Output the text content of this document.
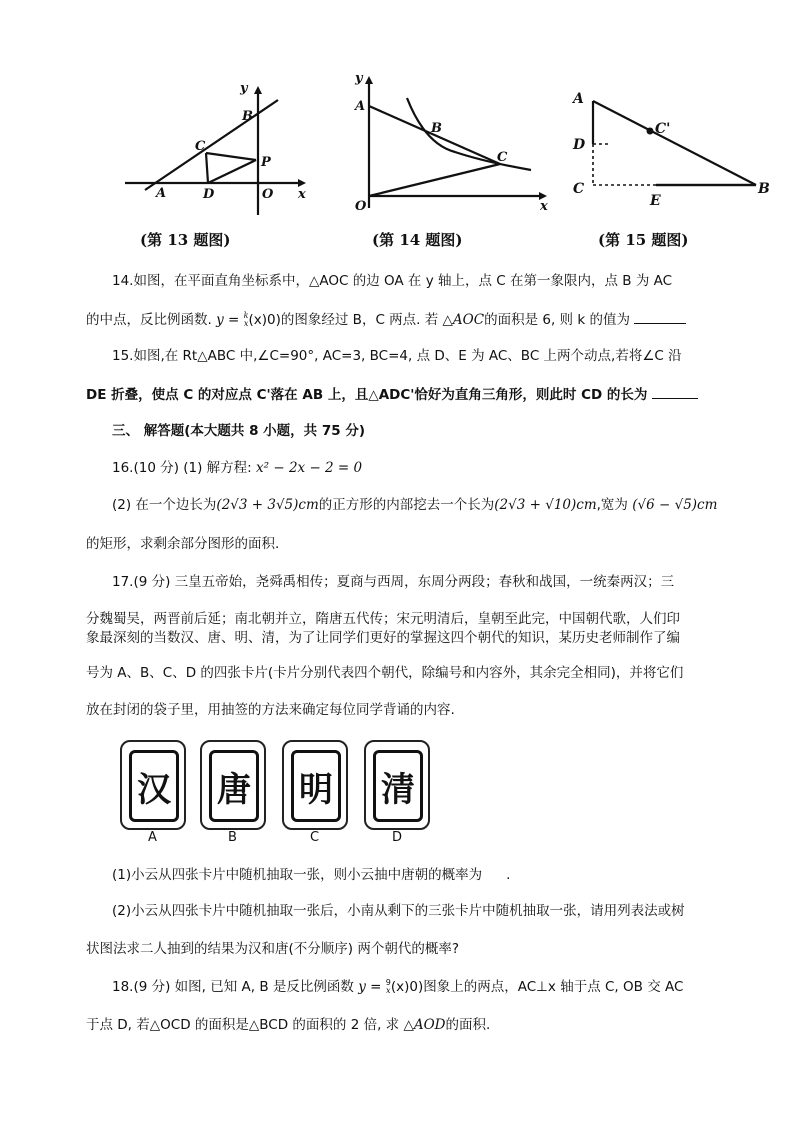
y
B
C
P
A	D	O x
(第 13 题图)
y
A
B
C
O	x
(第 14 题图)
A
C'
D
C
E
B
(第 15 题图)
14.如图，在平面直角坐标系中，△AOC 的边 OA 在 y 轴上，点 C 在第一象限内，点 B 为 AC
的中点，反比例函数. y = k
x (x)0)的图象经过 B，C 两点. 若 △AOC的面积是 6, 则 k 的值为
15.如图,在 Rt△ABC 中,∠C=90°, AC=3, BC=4, 点 D、E 为 AC、BC 上两个动点,若将∠C 沿
DE 折叠，使点 C 的对应点 C'落在 AB 上，且△ADC'恰好为直角三角形，则此时 CD 的长为
三、 解答题(本大题共 8 小题，共 75 分)
16.(10 分) (1) 解方程: x² − 2x − 2 = 0
(2) 在一个边长为(2√3 + 3√5)cm的正方形的内部挖去一个长为(2√3 + √10)cm,宽为 (√6 − √5)cm
的矩形，求剩余部分图形的面积.
17.(9 分) 三皇五帝始，尧舜禹相传；夏商与西周，东周分两段；春秋和战国，一统秦两汉；三
分魏蜀吴，两晋前后延；南北朝并立，隋唐五代传；宋元明清后，皇朝至此完，中国朝代歌，人们印
象最深刻的当数汉、唐、明、清，为了让同学们更好的掌握这四个朝代的知识，某历史老师制作了编
号为 A、B、C、D 的四张卡片(卡片分别代表四个朝代，除编号和内容外，其余完全相同)，并将它们
放在封闭的袋子里，用抽签的方法来确定每位同学背诵的内容.
汉 唐 明 清
A	B	C	D
(1)小云从四张卡片中随机抽取一张，则小云抽中唐朝的概率为 .
(2)小云从四张卡片中随机抽取一张后，小南从剩下的三张卡片中随机抽取一张，请用列表法或树
状图法求二人抽到的结果为汉和唐(不分顺序) 两个朝代的概率?
18.(9 分) 如图, 已知 A, B 是反比例函数 y = 9
x (x)0)图象上的两点，AC⊥x 轴于点 C, OB 交 AC
于点 D, 若△OCD 的面积是△BCD 的面积的 2 倍, 求 △AOD的面积.
